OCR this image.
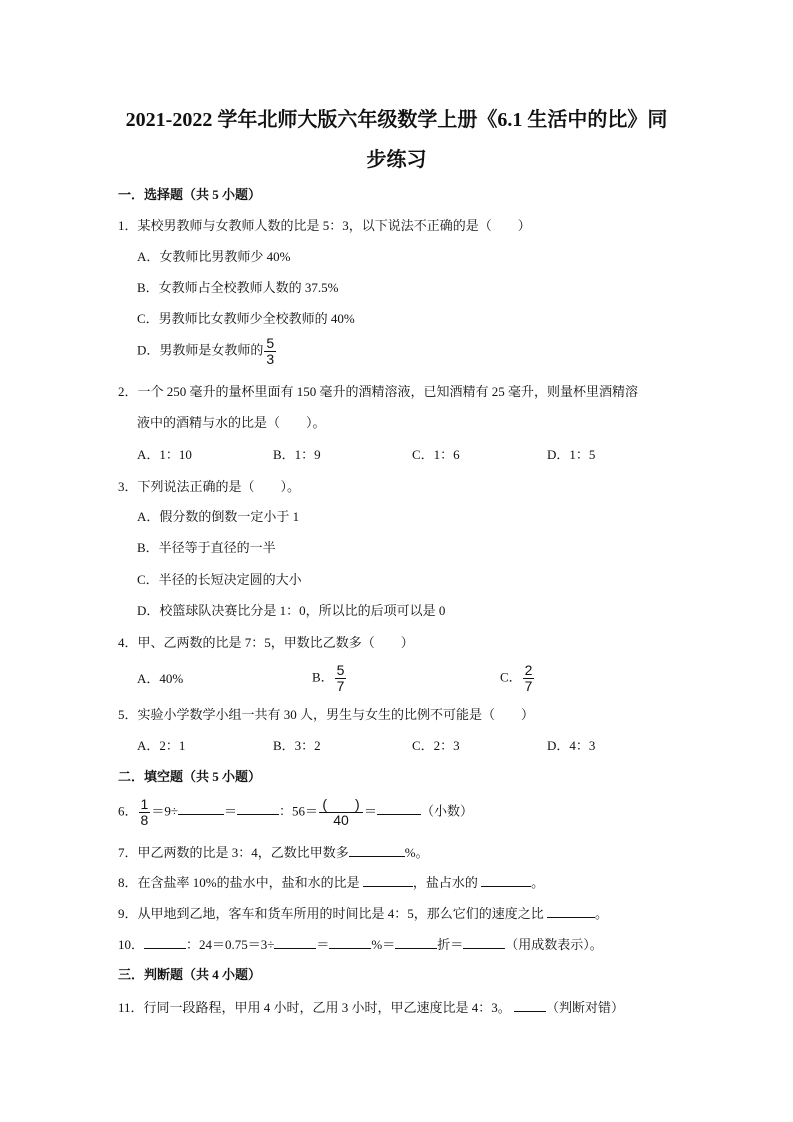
2021-2022 学年北师大版六年级数学上册《6.1 生活中的比》同
步练习
一．选择题（共 5 小题）
1．某校男教师与女教师人数的比是 5：3，以下说法不正确的是（　　）
A．女教师比男教师少 40%
B．女教师占全校教师人数的 37.5%
C．男教师比女教师少全校教师的 40%
D．男教师是女教师的 $\frac{5}{3}$
2．一个 250 毫升的量杯里面有 150 毫升的酒精溶液，已知酒精有 25 毫升，则量杯里酒精溶
液中的酒精与水的比是（　　）。
A．1：10	B．1：9	C．1：6	D．1：5
3．下列说法正确的是（　　）。
A．假分数的倒数一定小于 1
B．半径等于直径的一半
C．半径的长短决定圆的大小
D．校篮球队决赛比分是 1：0，所以比的后项可以是 0
4．甲、乙两数的比是 7：5，甲数比乙数多（　　）
A．40%	B． $\frac{5}{7}$	C． $\frac{2}{7}$
5．实验小学数学小组一共有 30 人，男生与女生的比例不可能是（　　）
A．2：1	B．3：2	C．2：3	D．4：3
二．填空题（共 5 小题）
6． $\frac{1}{8} =9\div$	＝	：$56= \frac{( )}{40}$ ＝	（小数）
7．甲乙两数的比是 3：4，乙数比甲数多	%。
8．在含盐率 10%的盐水中，盐和水的比是	，盐占水的	。
9．从甲地到乙地，客车和货车所用的时间比是 4：5，那么它们的速度之比	。
10．	：24＝0.75＝3÷	＝	%＝	折＝	（用成数表示）。
三．判断题（共 4 小题）
11．行同一段路程，甲用 4 小时，乙用 3 小时，甲乙速度比是 4：3。 （判断对错）
